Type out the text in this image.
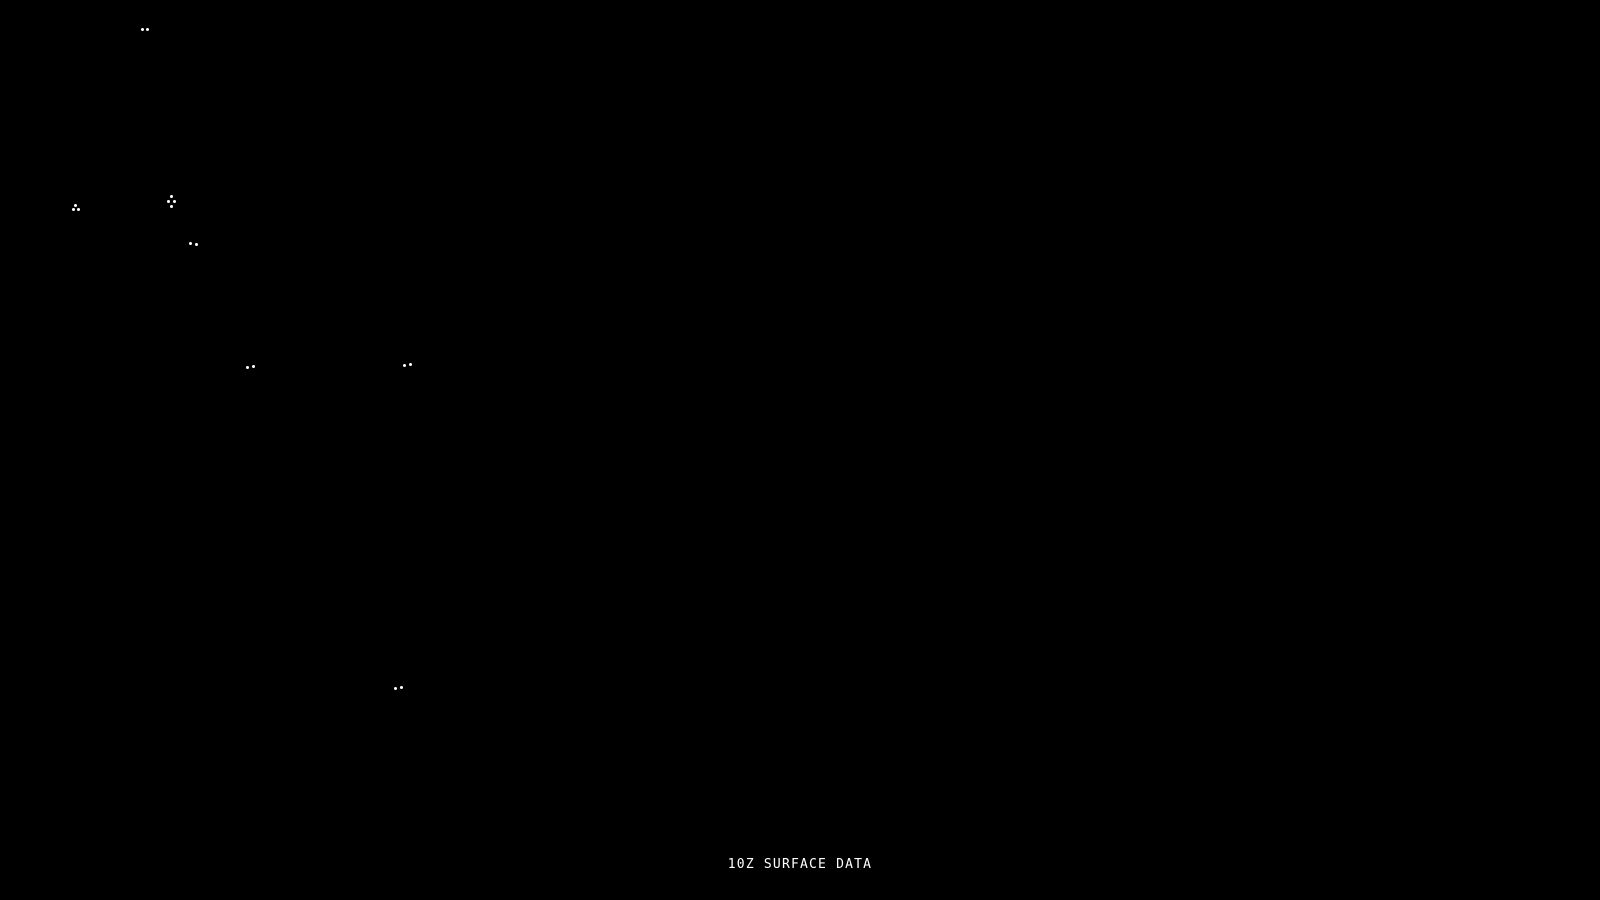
10Z SURFACE DATA
